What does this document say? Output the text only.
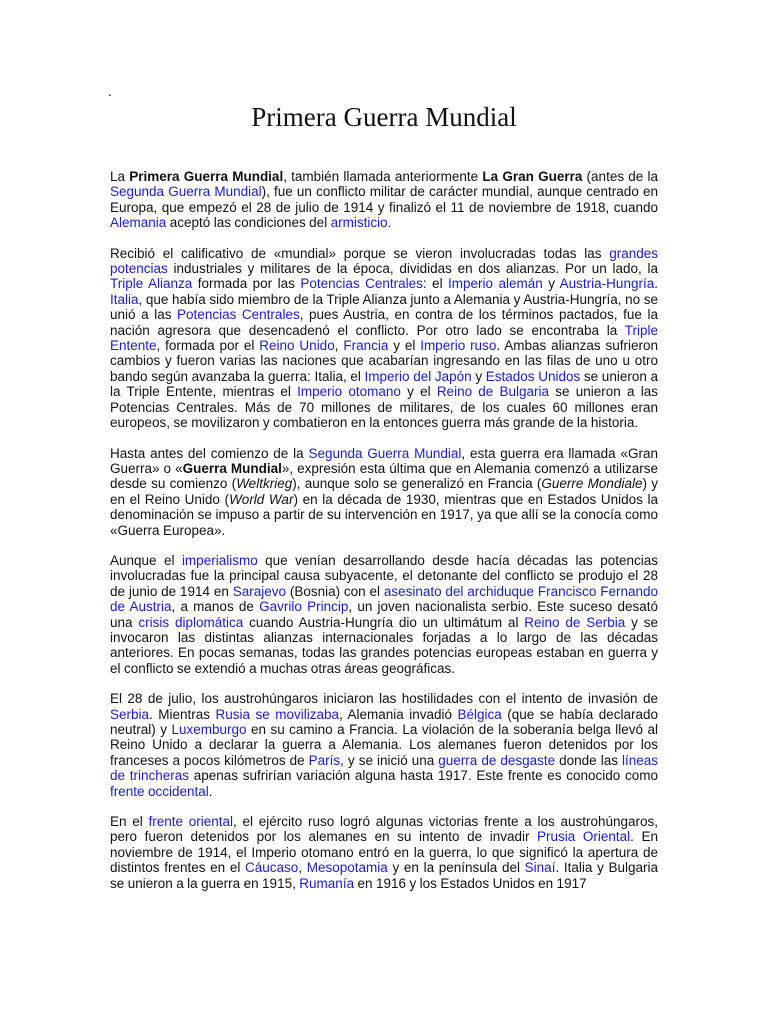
.
Primera Guerra Mundial

La Primera Guerra Mundial, también llamada anteriormente La Gran Guerra (antes de la Segunda Guerra Mundial), fue un conflicto militar de carácter mundial, aunque centrado en Europa, que empezó el 28 de julio de 1914 y finalizó el 11 de noviembre de 1918, cuando Alemania aceptó las condiciones del armisticio.

Recibió el calificativo de «mundial» porque se vieron involucradas todas las grandes potencias industriales y militares de la época, divididas en dos alianzas. Por un lado, la Triple Alianza formada por las Potencias Centrales: el Imperio alemán y Austria-Hungría. Italia, que había sido miembro de la Triple Alianza junto a Alemania y Austria-Hungría, no se unió a las Potencias Centrales, pues Austria, en contra de los términos pactados, fue la nación agresora que desencadenó el conflicto. Por otro lado se encontraba la Triple Entente, formada por el Reino Unido, Francia y el Imperio ruso. Ambas alianzas sufrieron cambios y fueron varias las naciones que acabarían ingresando en las filas de uno u otro bando según avanzaba la guerra: Italia, el Imperio del Japón y Estados Unidos se unieron a la Triple Entente, mientras el Imperio otomano y el Reino de Bulgaria se unieron a las Potencias Centrales. Más de 70 millones de militares, de los cuales 60 millones eran europeos, se movilizaron y combatieron en la entonces guerra más grande de la historia.

Hasta antes del comienzo de la Segunda Guerra Mundial, esta guerra era llamada «Gran Guerra» o «Guerra Mundial», expresión esta última que en Alemania comenzó a utilizarse desde su comienzo (Weltkrieg), aunque solo se generalizó en Francia (Guerre Mondiale) y en el Reino Unido (World War) en la década de 1930, mientras que en Estados Unidos la denominación se impuso a partir de su intervención en 1917, ya que allí se la conocía como «Guerra Europea».

Aunque el imperialismo que venían desarrollando desde hacía décadas las potencias involucradas fue la principal causa subyacente, el detonante del conflicto se produjo el 28 de junio de 1914 en Sarajevo (Bosnia) con el asesinato del archiduque Francisco Fernando de Austria, a manos de Gavrilo Princip, un joven nacionalista serbio. Este suceso desató una crisis diplomática cuando Austria-Hungría dio un ultimátum al Reino de Serbia y se invocaron las distintas alianzas internacionales forjadas a lo largo de las décadas anteriores. En pocas semanas, todas las grandes potencias europeas estaban en guerra y el conflicto se extendió a muchas otras áreas geográficas.

El 28 de julio, los austrohúngaros iniciaron las hostilidades con el intento de invasión de Serbia. Mientras Rusia se movilizaba, Alemania invadió Bélgica (que se había declarado neutral) y Luxemburgo en su camino a Francia. La violación de la soberanía belga llevó al Reino Unido a declarar la guerra a Alemania. Los alemanes fueron detenidos por los franceses a pocos kilómetros de París, y se inició una guerra de desgaste donde las líneas de trincheras apenas sufrirían variación alguna hasta 1917. Este frente es conocido como frente occidental.

En el frente oriental, el ejército ruso logró algunas victorias frente a los austrohúngaros, pero fueron detenidos por los alemanes en su intento de invadir Prusia Oriental. En noviembre de 1914, el Imperio otomano entró en la guerra, lo que significó la apertura de distintos frentes en el Cáucaso, Mesopotamia y en la península del Sinaí. Italia y Bulgaria se unieron a la guerra en 1915, Rumanía en 1916 y los Estados Unidos en 1917
